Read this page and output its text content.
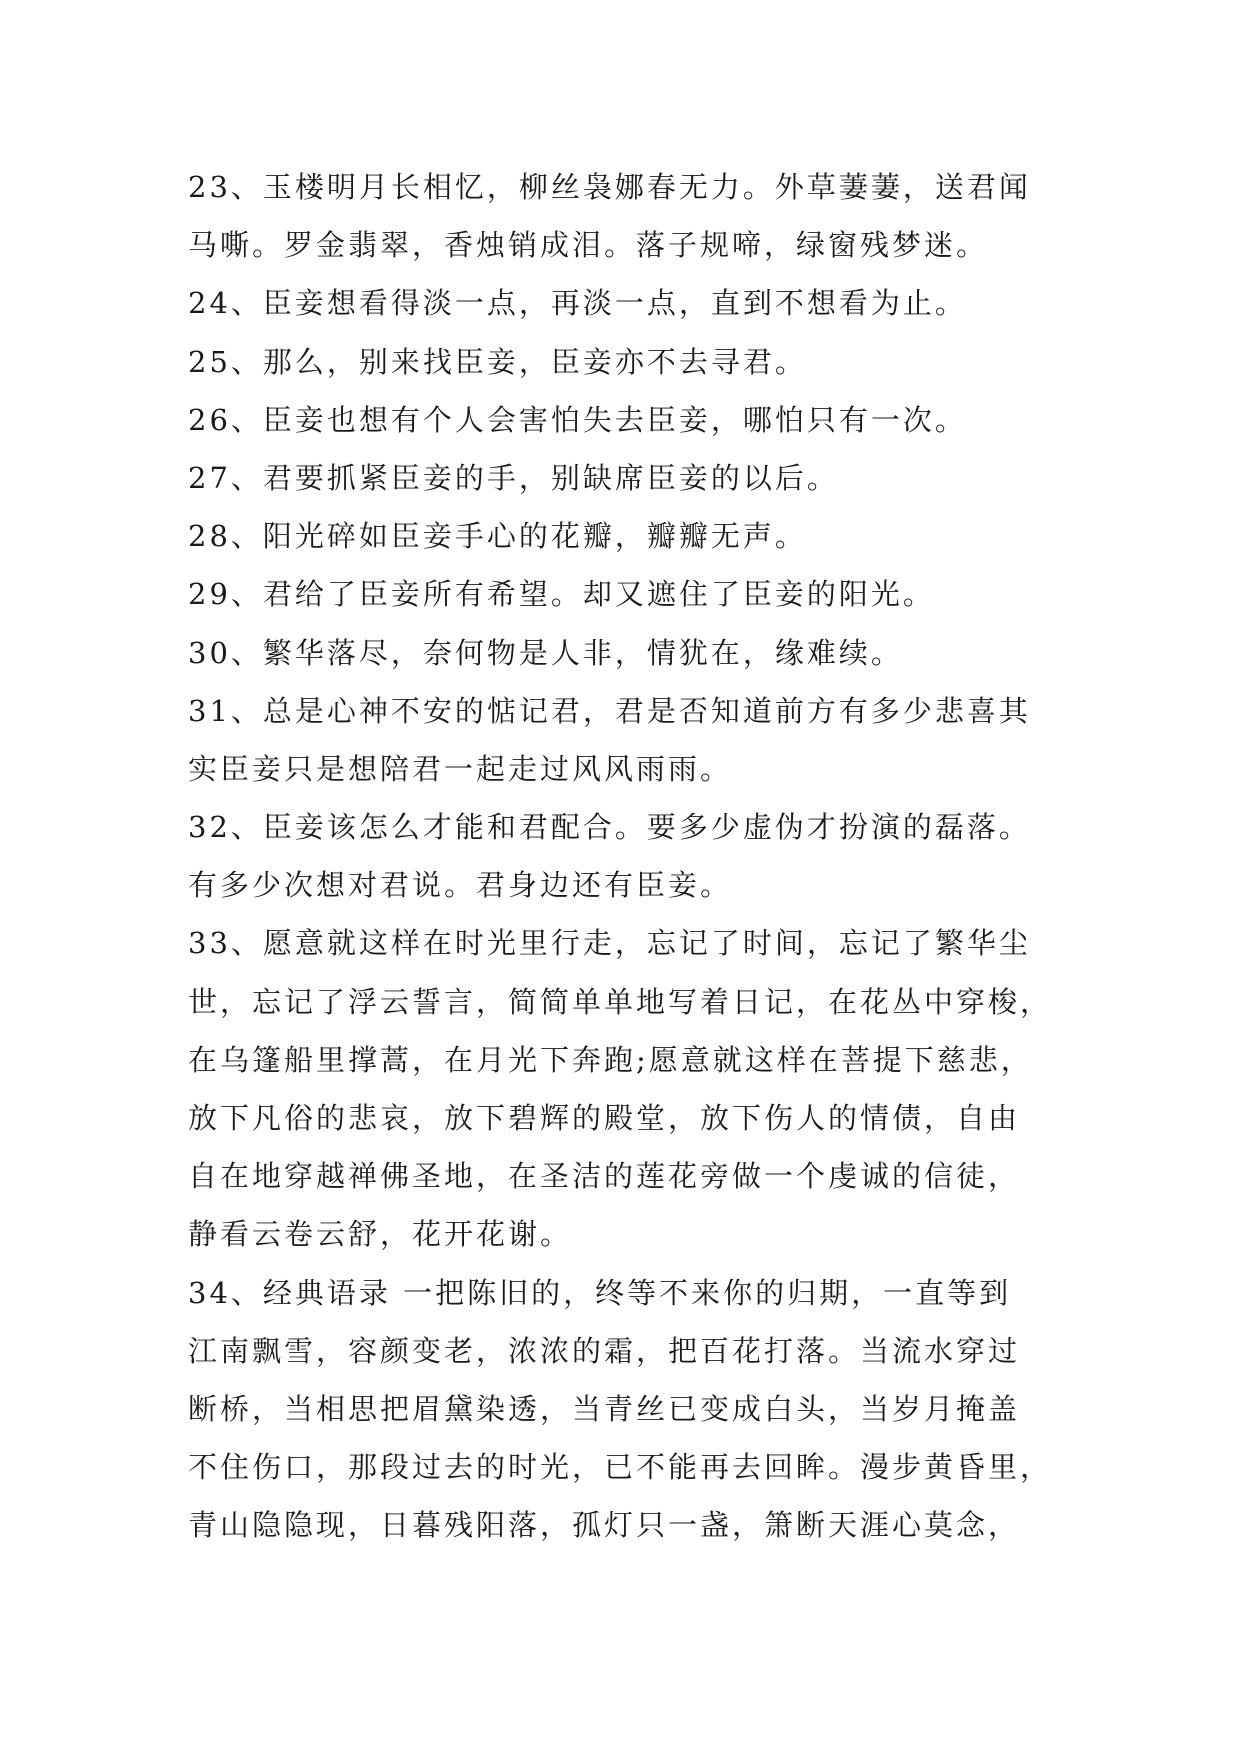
23、玉楼明月长相忆，柳丝袅娜春无力。外草萋萋，送君闻
马嘶。罗金翡翠，香烛销成泪。落子规啼，绿窗残梦迷。
24、臣妾想看得淡一点，再淡一点，直到不想看为止。
25、那么，别来找臣妾，臣妾亦不去寻君。
26、臣妾也想有个人会害怕失去臣妾，哪怕只有一次。
27、君要抓紧臣妾的手，别缺席臣妾的以后。
28、阳光碎如臣妾手心的花瓣，瓣瓣无声。
29、君给了臣妾所有希望。却又遮住了臣妾的阳光。
30、繁华落尽，奈何物是人非，情犹在，缘难续。
31、总是心神不安的惦记君，君是否知道前方有多少悲喜其
实臣妾只是想陪君一起走过风风雨雨。
32、臣妾该怎么才能和君配合。要多少虚伪才扮演的磊落。
有多少次想对君说。君身边还有臣妾。
33、愿意就这样在时光里行走，忘记了时间，忘记了繁华尘
世，忘记了浮云誓言，简简单单地写着日记，在花丛中穿梭，
在乌篷船里撑蒿，在月光下奔跑;愿意就这样在菩提下慈悲，
放下凡俗的悲哀，放下碧辉的殿堂，放下伤人的情债，自由
自在地穿越禅佛圣地，在圣洁的莲花旁做一个虔诚的信徒，
静看云卷云舒，花开花谢。
34、经典语录 一把陈旧的，终等不来你的归期，一直等到
江南飘雪，容颜变老，浓浓的霜，把百花打落。当流水穿过
断桥，当相思把眉黛染透，当青丝已变成白头，当岁月掩盖
不住伤口，那段过去的时光，已不能再去回眸。漫步黄昏里，
青山隐隐现，日暮残阳落，孤灯只一盏，箫断天涯心莫念，
